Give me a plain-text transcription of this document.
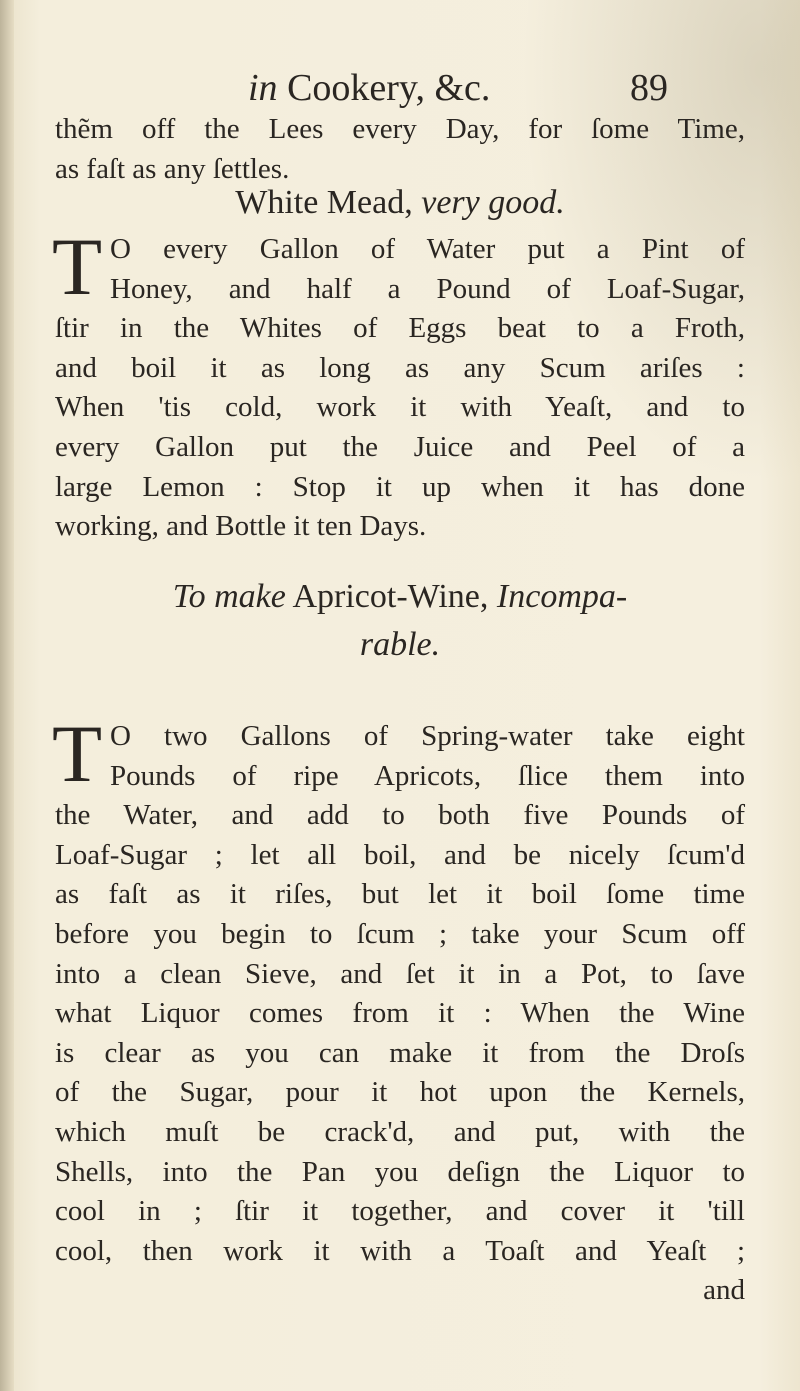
in Cookery, &c.	89
thẽm off the Lees every Day, for ſome Time,
as faſt as any ſettles.
White Mead, very good.
T O every Gallon of Water put a Pint of
Honey, and half a Pound of Loaf-Sugar,
ſtir in the Whites of Eggs beat to a Froth,
and boil it as long as any Scum ariſes :
When 'tis cold, work it with Yeaſt, and to
every Gallon put the Juice and Peel of a
large Lemon : Stop it up when it has done
working, and Bottle it ten Days.
To make Apricot-Wine, Incompa-
rable.
T O two Gallons of Spring-water take eight
Pounds of ripe Apricots, ſlice them into
the Water, and add to both five Pounds of
Loaf-Sugar ; let all boil, and be nicely ſcum'd
as faſt as it riſes, but let it boil ſome time
before you begin to ſcum ; take your Scum off
into a clean Sieve, and ſet it in a Pot, to ſave
what Liquor comes from it : When the Wine
is clear as you can make it from the Droſs
of the Sugar, pour it hot upon the Kernels,
which muſt be crack'd, and put, with the
Shells, into the Pan you deſign the Liquor to
cool in ; ſtir it together, and cover it 'till
cool, then work it with a Toaſt and Yeaſt ;
and
